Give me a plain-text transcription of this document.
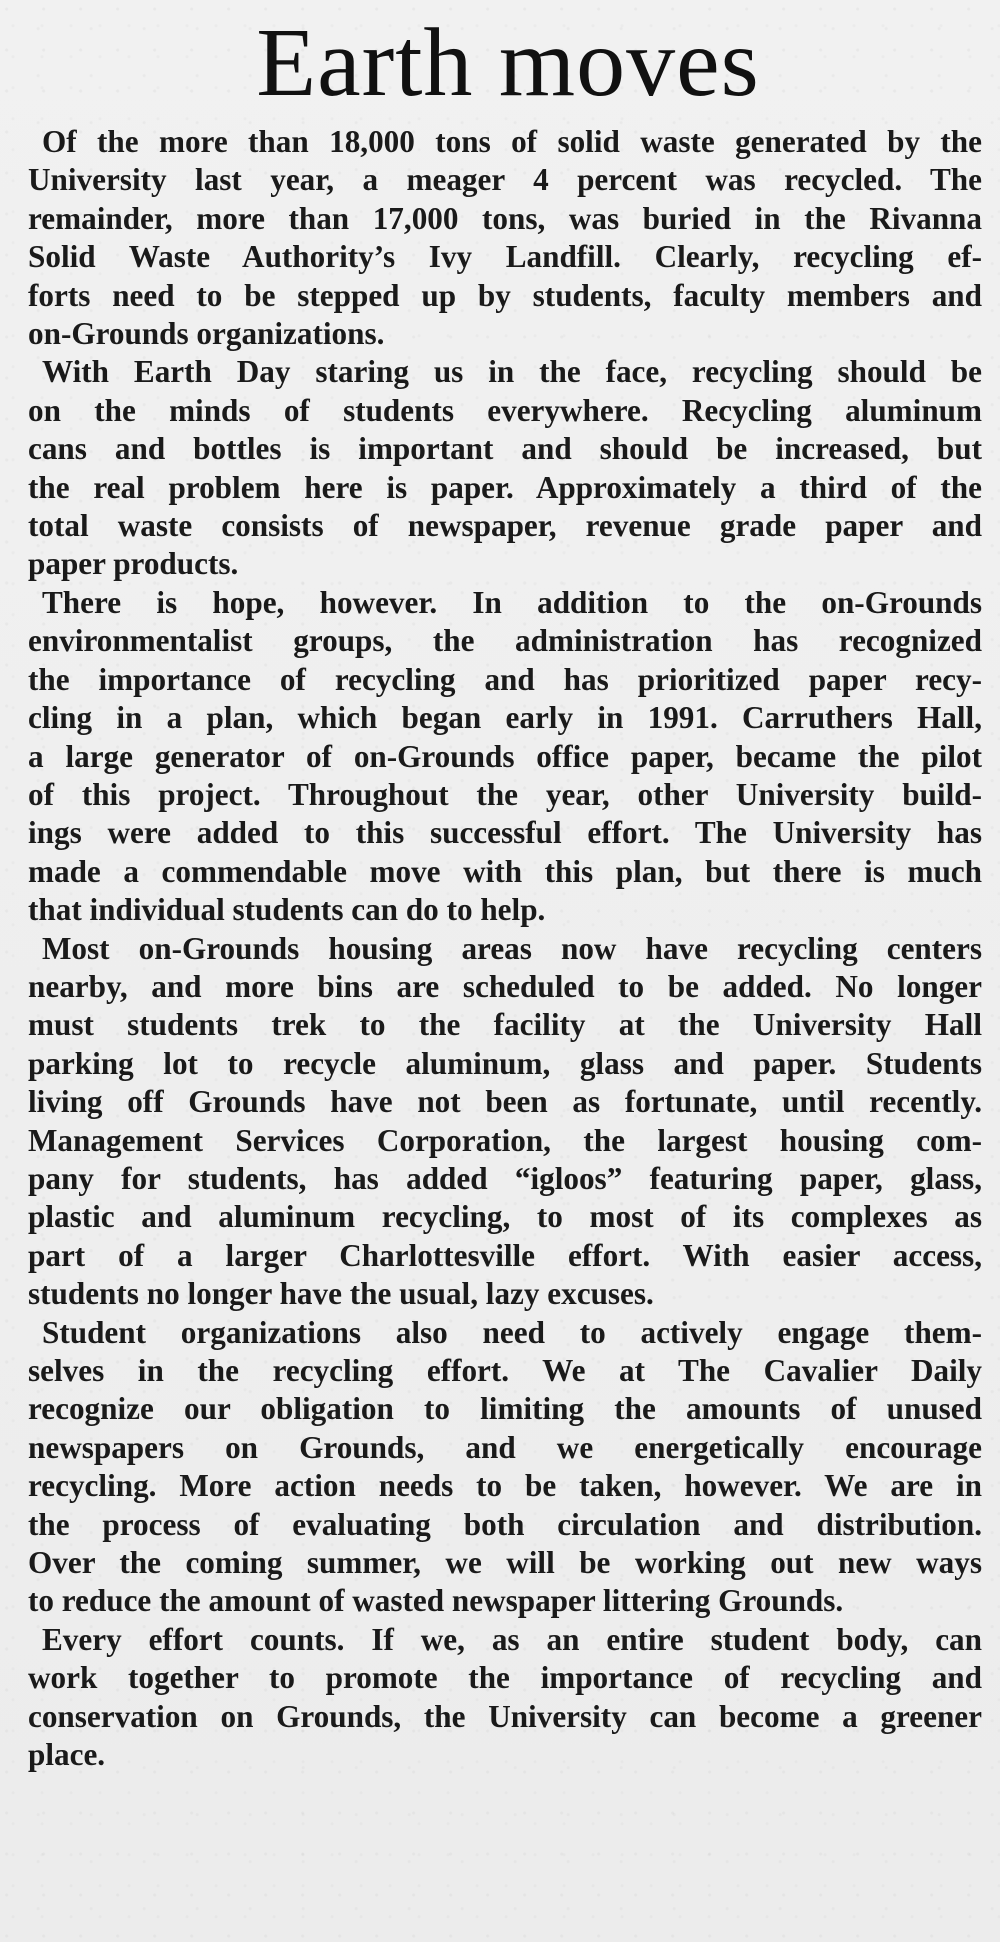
Earth moves

Of the more than 18,000 tons of solid waste generated by the
University last year, a meager 4 percent was recycled. The
remainder, more than 17,000 tons, was buried in the Rivanna
Solid Waste Authority’s Ivy Landfill. Clearly, recycling ef-
forts need to be stepped up by students, faculty members and
on-Grounds organizations.

With Earth Day staring us in the face, recycling should be
on the minds of students everywhere. Recycling aluminum
cans and bottles is important and should be increased, but
the real problem here is paper. Approximately a third of the
total waste consists of newspaper, revenue grade paper and
paper products.

There is hope, however. In addition to the on-Grounds
environmentalist groups, the administration has recognized
the importance of recycling and has prioritized paper recy-
cling in a plan, which began early in 1991. Carruthers Hall,
a large generator of on-Grounds office paper, became the pilot
of this project. Throughout the year, other University build-
ings were added to this successful effort. The University has
made a commendable move with this plan, but there is much
that individual students can do to help.

Most on-Grounds housing areas now have recycling centers
nearby, and more bins are scheduled to be added. No longer
must students trek to the facility at the University Hall
parking lot to recycle aluminum, glass and paper. Students
living off Grounds have not been as fortunate, until recently.
Management Services Corporation, the largest housing com-
pany for students, has added “igloos” featuring paper, glass,
plastic and aluminum recycling, to most of its complexes as
part of a larger Charlottesville effort. With easier access,
students no longer have the usual, lazy excuses.

Student organizations also need to actively engage them-
selves in the recycling effort. We at The Cavalier Daily
recognize our obligation to limiting the amounts of unused
newspapers on Grounds, and we energetically encourage
recycling. More action needs to be taken, however. We are in
the process of evaluating both circulation and distribution.
Over the coming summer, we will be working out new ways
to reduce the amount of wasted newspaper littering Grounds.

Every effort counts. If we, as an entire student body, can
work together to promote the importance of recycling and
conservation on Grounds, the University can become a greener
place.
